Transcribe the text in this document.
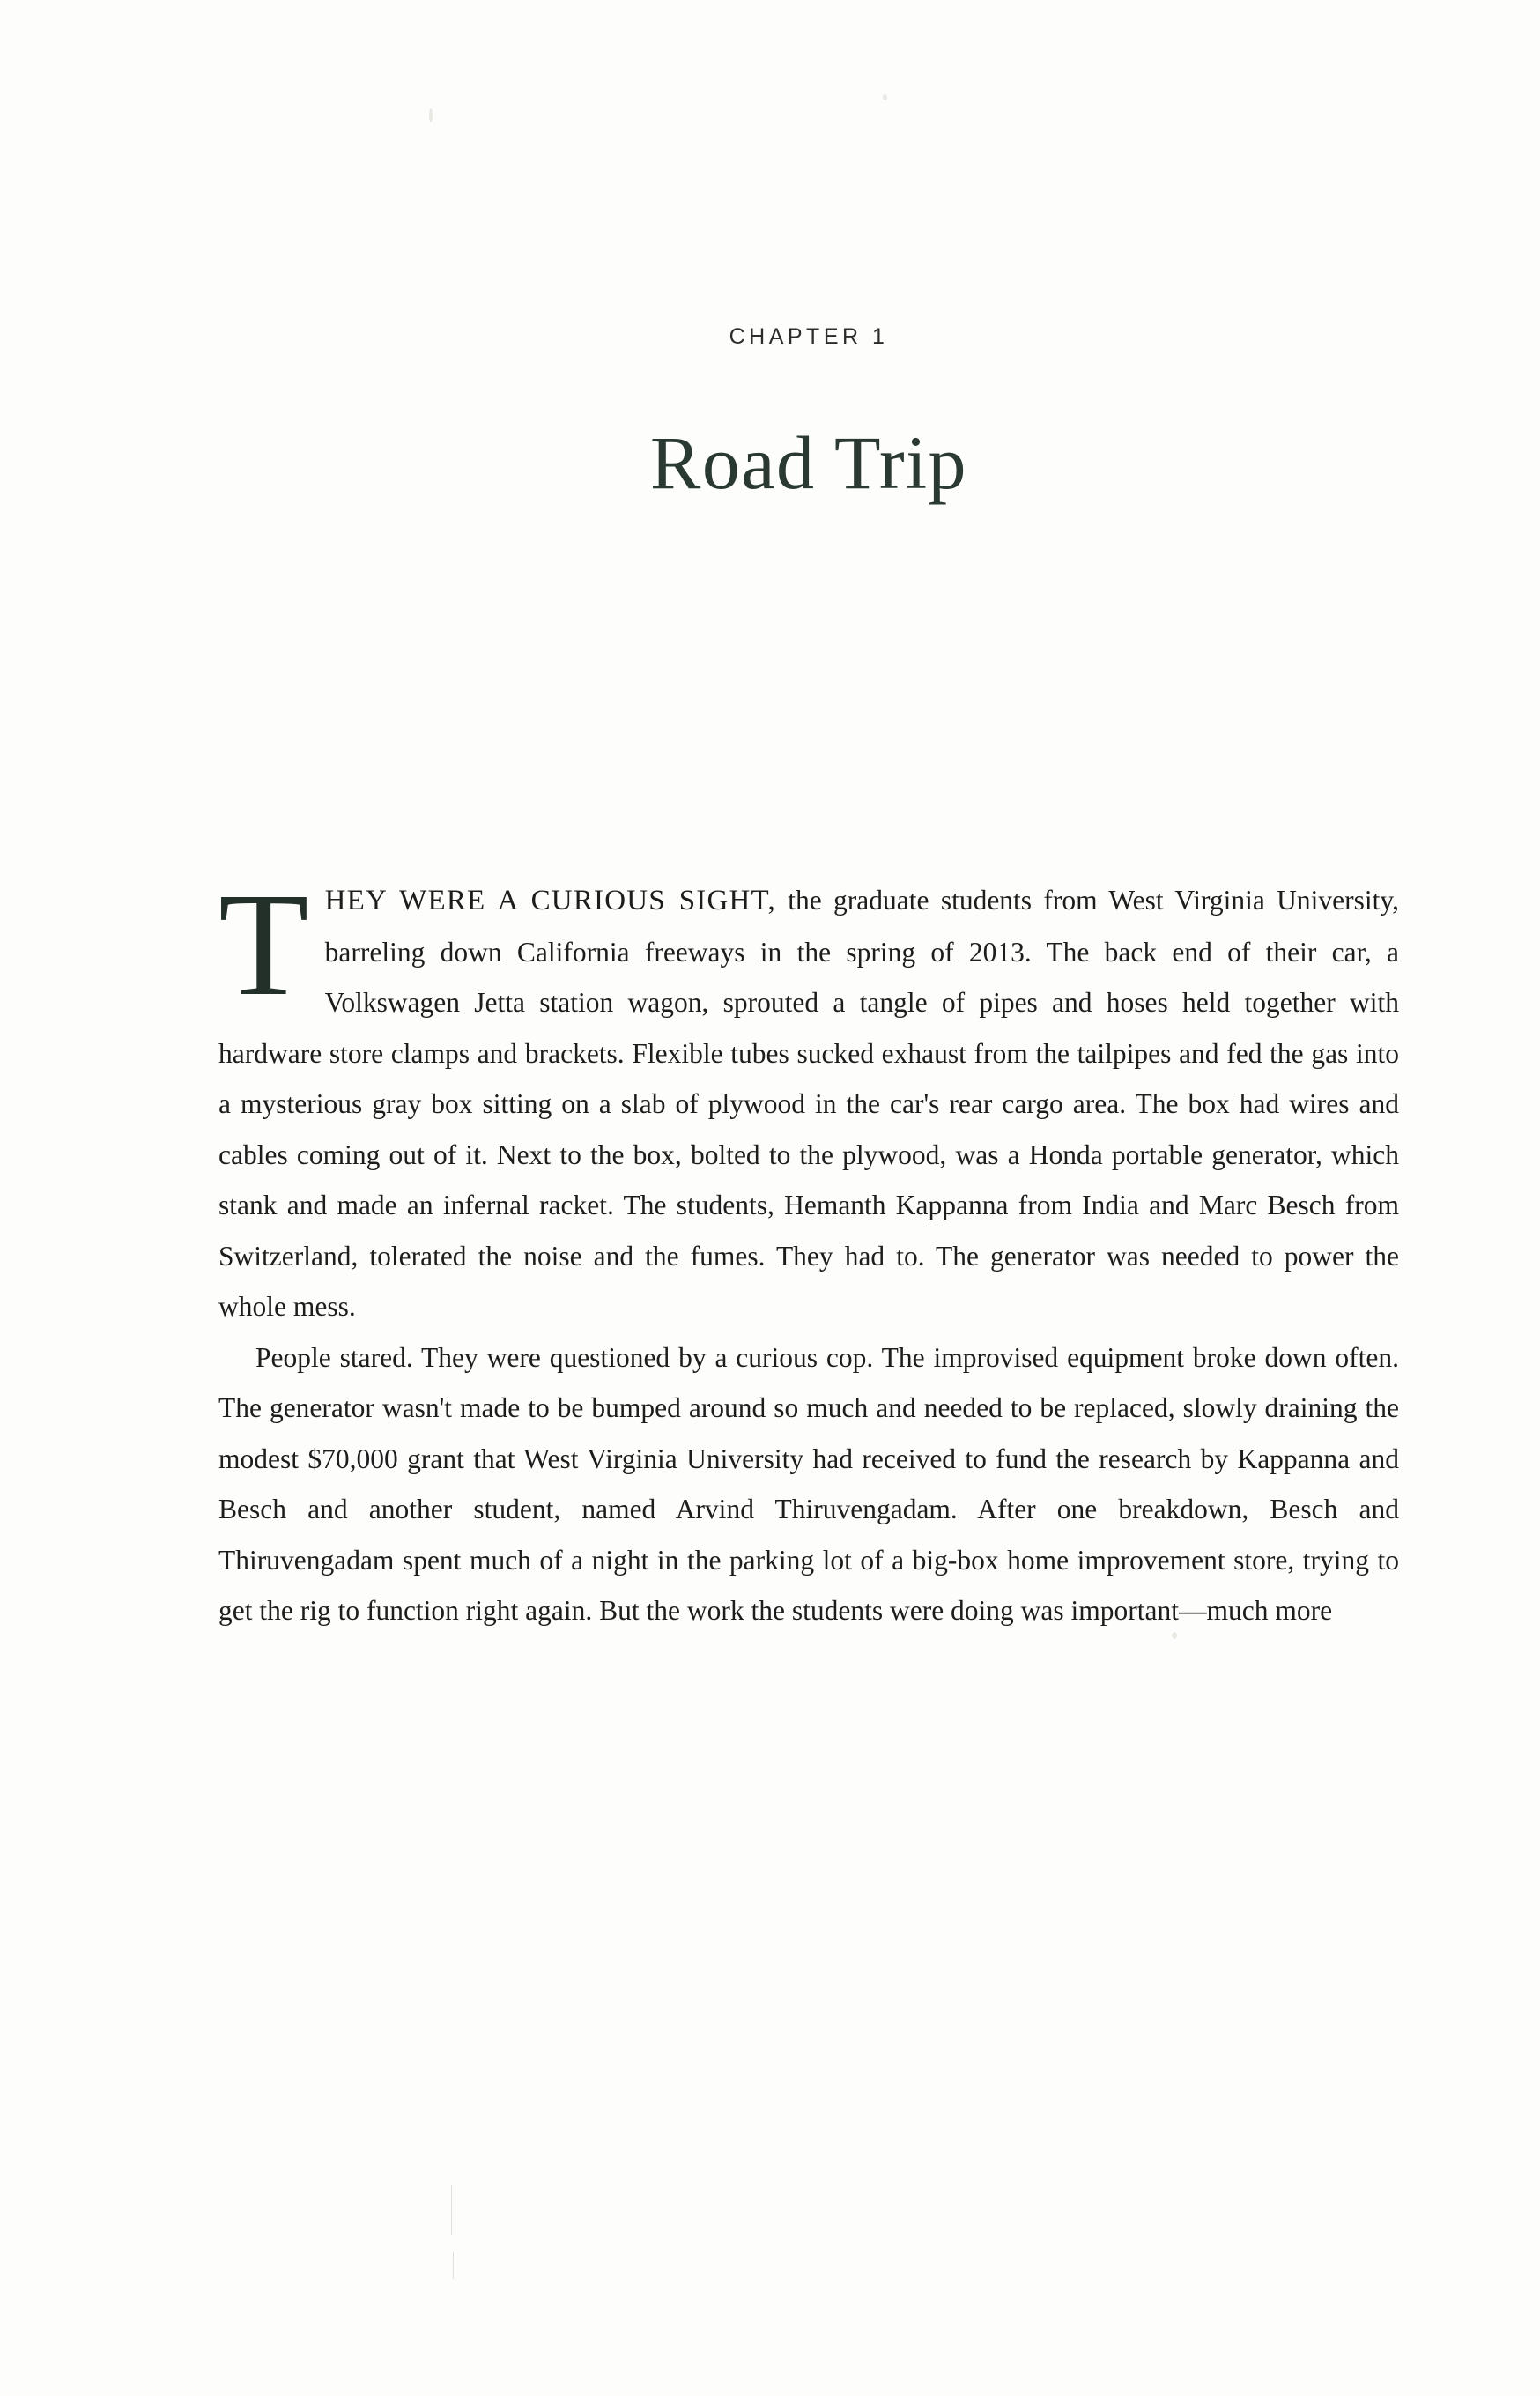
CHAPTER 1
Road Trip

THEY WERE A CURIOUS SIGHT, the graduate students from West Virginia University, barreling down California freeways in the spring of 2013. The back end of their car, a Volkswagen Jetta station wagon, sprouted a tangle of pipes and hoses held together with hardware store clamps and brackets. Flexible tubes sucked exhaust from the tailpipes and fed the gas into a mysterious gray box sitting on a slab of plywood in the car's rear cargo area. The box had wires and cables coming out of it. Next to the box, bolted to the plywood, was a Honda portable generator, which stank and made an infernal racket. The students, Hemanth Kappanna from India and Marc Besch from Switzerland, tolerated the noise and the fumes. They had to. The generator was needed to power the whole mess.

People stared. They were questioned by a curious cop. The improvised equipment broke down often. The generator wasn't made to be bumped around so much and needed to be replaced, slowly draining the modest $70,000 grant that West Virginia University had received to fund the research by Kappanna and Besch and another student, named Arvind Thiruvengadam. After one breakdown, Besch and Thiruvengadam spent much of a night in the parking lot of a big-box home improvement store, trying to get the rig to function right again. But the work the students were doing was important—much more
